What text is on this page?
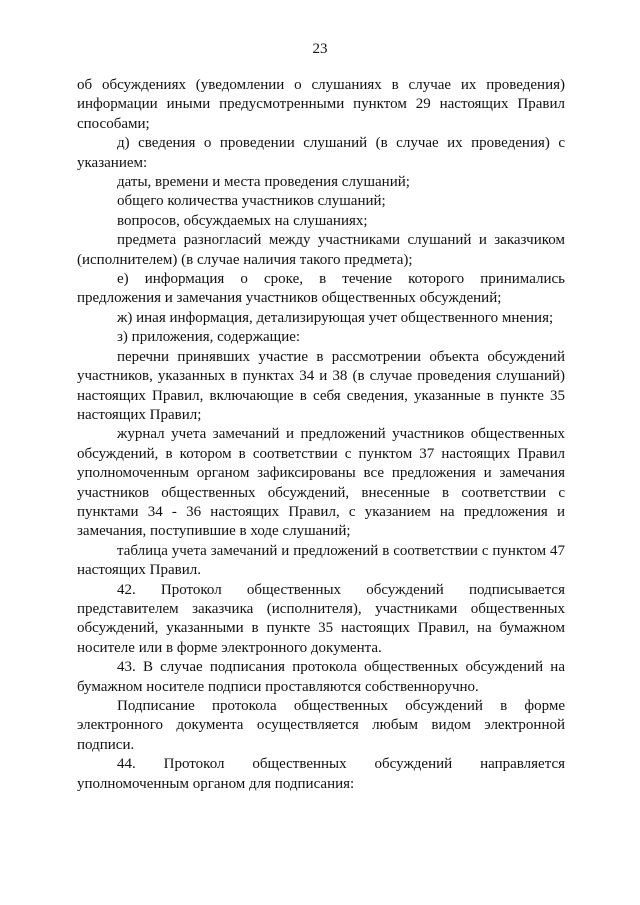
23

об обсуждениях (уведомлении о слушаниях в случае их проведения) информации иными предусмотренными пунктом 29 настоящих Правил способами;

д) сведения о проведении слушаний (в случае их проведения) с указанием:

даты, времени и места проведения слушаний;

общего количества участников слушаний;

вопросов, обсуждаемых на слушаниях;

предмета разногласий между участниками слушаний и заказчиком (исполнителем) (в случае наличия такого предмета);

е) информация о сроке, в течение которого принимались предложения и замечания участников общественных обсуждений;

ж) иная информация, детализирующая учет общественного мнения;

з) приложения, содержащие:

перечни принявших участие в рассмотрении объекта обсуждений участников, указанных в пунктах 34 и 38 (в случае проведения слушаний) настоящих Правил, включающие в себя сведения, указанные в пункте 35 настоящих Правил;

журнал учета замечаний и предложений участников общественных обсуждений, в котором в соответствии с пунктом 37 настоящих Правил уполномоченным органом зафиксированы все предложения и замечания участников общественных обсуждений, внесенные в соответствии с пунктами 34 - 36 настоящих Правил, с указанием на предложения и замечания, поступившие в ходе слушаний;

таблица учета замечаний и предложений в соответствии с пунктом 47 настоящих Правил.

42. Протокол общественных обсуждений подписывается представителем заказчика (исполнителя), участниками общественных обсуждений, указанными в пункте 35 настоящих Правил, на бумажном носителе или в форме электронного документа.

43. В случае подписания протокола общественных обсуждений на бумажном носителе подписи проставляются собственноручно.

Подписание протокола общественных обсуждений в форме электронного документа осуществляется любым видом электронной подписи.

44. Протокол общественных обсуждений направляется уполномоченным органом для подписания:
